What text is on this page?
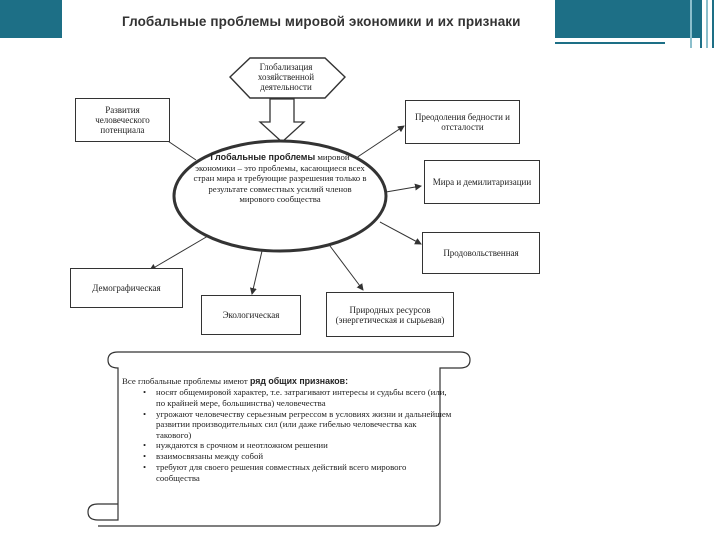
Глобальные проблемы мировой экономики и их признаки
Глобализация хозяйственной деятельности
Глобальные проблемы мировой экономики – это проблемы, касающиеся всех стран мира и требующие разрешения только в результате совместных усилий членов мирового сообщества
Развития человеческого потенциала
Преодоления бедности и отсталости
Мира и демилитаризации
Продовольственная
Демографическая
Экологическая
Природных ресурсов (энергетическая и сырьевая)
Все глобальные проблемы имеют ряд общих признаков:
• носят общемировой характер, т.е. затрагивают интересы и судьбы всего (или, по крайней мере, большинства) человечества
• угрожают человечеству серьезным регрессом в условиях жизни и дальнейшем развитии производительных сил (или даже гибелью человечества как такового)
• нуждаются в срочном и неотложном решении
• взаимосвязаны между собой
• требуют для своего решения совместных действий всего мирового сообщества
